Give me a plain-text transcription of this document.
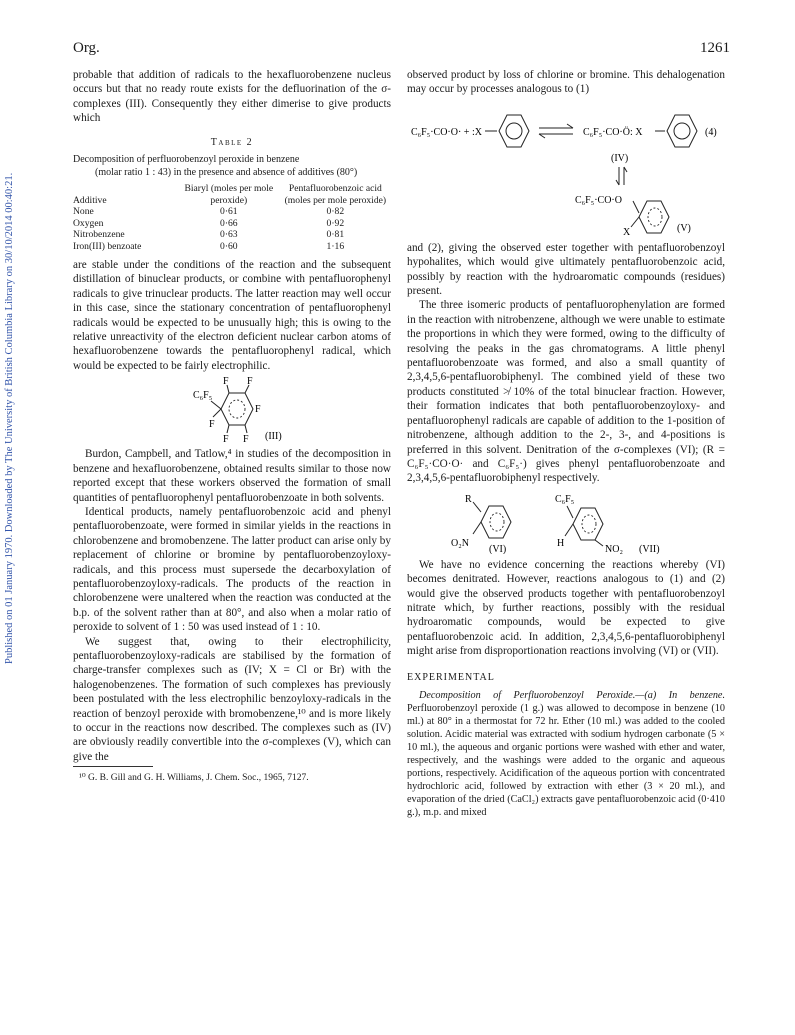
Org.	1261
Published on 01 January 1970. Downloaded by The University of British Columbia Library on 30/10/2014 00:40:21.

probable that addition of radicals to the hexafluorobenzene nucleus occurs but that no ready route exists for the defluorination of the σ-complexes (III). Consequently they either dimerise to give products which

Table 2
Decomposition of perfluorobenzoyl peroxide in benzene
(molar ratio 1 : 43) in the presence and absence of additives (80°)
Additive	Biaryl (moles per mole peroxide)	Pentafluorobenzoic acid (moles per mole peroxide)
None	0·61	0·82
Oxygen	0·66	0·92
Nitrobenzene	0·63	0·81
Iron(III) benzoate	0·60	1·16

are stable under the conditions of the reaction and the subsequent distillation of binuclear products, or combine with pentafluorophenyl radicals to give trinuclear products. The latter reaction may well occur in this case, since the stationary concentration of pentafluorophenyl radicals would be expected to be unusually high; this is owing to the relative unreactivity of the electron deficient nuclear carbon atoms of hexafluorobenzene towards the pentafluorophenyl radical, which would be expected to be fairly electrophilic.

C₆F₅
F F
F
F
F F (III)

Burdon, Campbell, and Tatlow,⁴ in studies of the decomposition in benzene and hexafluorobenzene, obtained results similar to those now reported except that these workers observed the formation of small quantities of pentafluorophenyl pentafluorobenzoate in both solvents.

Identical products, namely pentafluorobenzoic acid and phenyl pentafluorobenzoate, were formed in similar yields in the reactions in chlorobenzene and bromobenzene. The latter product can arise only by replacement of chlorine or bromine by pentafluorobenzoyloxy-radicals, and this process must supersede the decarboxylation of pentafluorobenzoyloxy-radicals. The products of the reaction in chlorobenzene were unaltered when the reaction was conducted at the b.p. of the solvent rather than at 80°, and also when a molar ratio of peroxide to solvent of 1 : 50 was used instead of 1 : 10.

We suggest that, owing to their electrophilicity, pentafluorobenzoyloxy-radicals are stabilised by the formation of charge-transfer complexes such as (IV; X = Cl or Br) with the halogenobenzenes. The formation of such complexes has previously been postulated with the less electrophilic benzoyloxy-radicals in the reaction of benzoyl peroxide with bromobenzene,¹⁰ and is more likely to occur in the reactions now described. The complexes such as (IV) are obviously readily convertible into the σ-complexes (V), which can give the

¹⁰ G. B. Gill and G. H. Williams, J. Chem. Soc., 1965, 7127.

observed product by loss of chlorine or bromine. This dehalogenation may occur by processes analogous to (1)

C₆F₅·CO·O· + :X	C₆F₅·CO·Ö: X	(4)
(IV)
C₆F₅·CO·O
X	(V)

and (2), giving the observed ester together with pentafluorobenzoyl hypohalites, which would give ultimately pentafluorobenzoic acid, possibly by reaction with the hydroaromatic compounds (residues) present.

The three isomeric products of pentafluorophenylation are formed in the reaction with nitrobenzene, although we were unable to estimate the proportions in which they were formed, owing to the difficulty of resolving the peaks in the gas chromatograms. A little phenyl pentafluorobenzoate was formed, and also a small quantity of 2,3,4,5,6-pentafluorobiphenyl. The combined yield of these two products constituted ≯ 10% of the total binuclear fraction. However, their formation indicates that both pentafluorobenzoyloxy- and pentafluorophenyl radicals are capable of addition to the 1-position of nitrobenzene, although addition to the 2-, 3-, and 4-positions is preferred in this solvent. Denitration of the σ-complexes (VI); (R = C₆F₅·CO·O· and C₆F₅·) gives phenyl pentafluorobenzoate and 2,3,4,5,6-pentafluorobiphenyl respectively.

R
O₂N
(VI)
C₆F₅
H
NO₂ (VII)

We have no evidence concerning the reactions whereby (VI) becomes denitrated. However, reactions analogous to (1) and (2) would give the observed products together with pentafluorobenzoyl nitrate which, by further reactions, possibly with the residual hydroaromatic compounds, would be expected to give pentafluorobenzoic acid. In addition, 2,3,4,5,6-pentafluorobiphenyl might arise from disproportionation reactions involving (VI) or (VII).

EXPERIMENTAL

Decomposition of Perfluorobenzoyl Peroxide.—(a) In benzene. Perfluorobenzoyl peroxide (1 g.) was allowed to decompose in benzene (10 ml.) at 80° in a thermostat for 72 hr. Ether (10 ml.) was added to the cooled solution. Acidic material was extracted with sodium hydrogen carbonate (5 × 10 ml.), the aqueous and organic portions were washed with ether and water, respectively, and the washings were added to the organic and aqueous portions, respectively. Acidification of the aqueous portion with concentrated hydrochloric acid, followed by extraction with ether (3 × 20 ml.), and evaporation of the dried (CaCl₂) extracts gave pentafluorobenzoic acid (0·410 g.), m.p. and mixed
